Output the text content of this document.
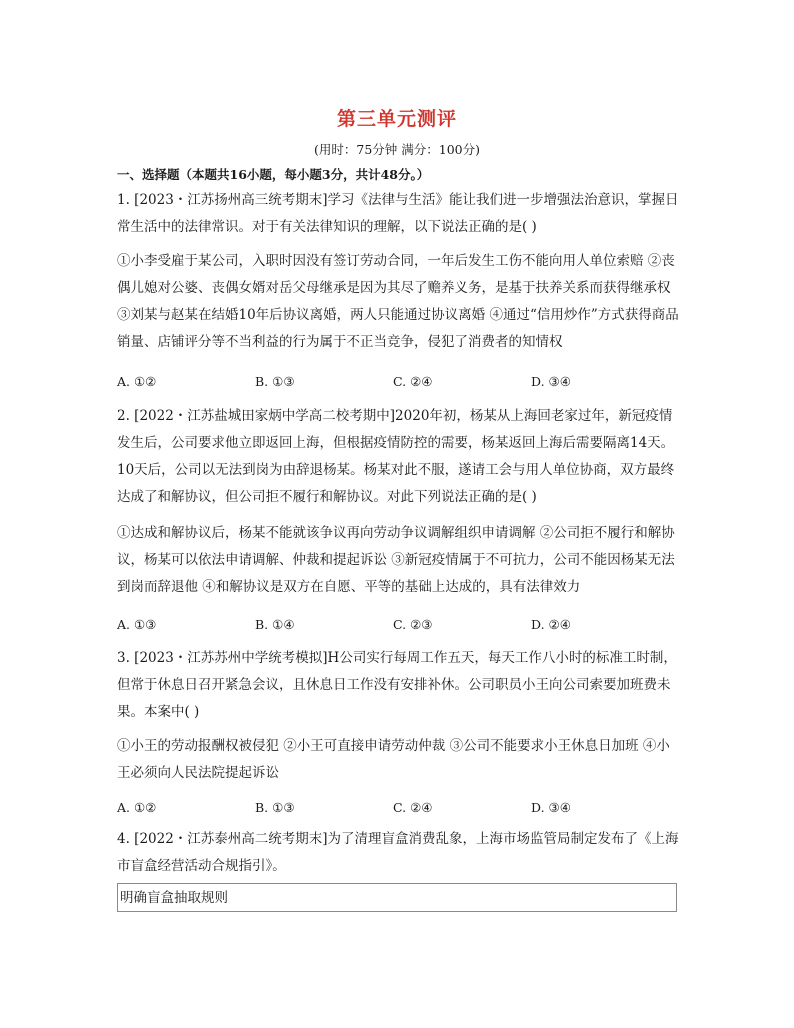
第三单元测评
(用时：75分钟 满分：100分)
一、选择题（本题共16小题，每小题3分，共计48分。）

1. [2023・江苏扬州高三统考期末]学习《法律与生活》能让我们进一步增强法治意识，掌握日常生活中的法律常识。对于有关法律知识的理解，以下说法正确的是( )

①小李受雇于某公司，入职时因没有签订劳动合同，一年后发生工伤不能向用人单位索赔 ②丧偶儿媳对公婆、丧偶女婿对岳父母继承是因为其尽了赡养义务，是基于扶养关系而获得继承权 ③刘某与赵某在结婚10年后协议离婚，两人只能通过协议离婚 ④通过“信用炒作”方式获得商品销量、店铺评分等不当利益的行为属于不正当竞争，侵犯了消费者的知情权

A. ①②	B. ①③	C. ②④	D. ③④

2. [2022・江苏盐城田家炳中学高二校考期中]2020年初，杨某从上海回老家过年，新冠疫情发生后，公司要求他立即返回上海，但根据疫情防控的需要，杨某返回上海后需要隔离14天。10天后，公司以无法到岗为由辞退杨某。杨某对此不服，遂请工会与用人单位协商，双方最终达成了和解协议，但公司拒不履行和解协议。对此下列说法正确的是( )

①达成和解协议后，杨某不能就该争议再向劳动争议调解组织申请调解 ②公司拒不履行和解协议，杨某可以依法申请调解、仲裁和提起诉讼 ③新冠疫情属于不可抗力，公司不能因杨某无法到岗而辞退他 ④和解协议是双方在自愿、平等的基础上达成的，具有法律效力

A. ①③	B. ①④	C. ②③	D. ②④

3. [2023・江苏苏州中学统考模拟]H公司实行每周工作五天，每天工作八小时的标准工时制，但常于休息日召开紧急会议，且休息日工作没有安排补休。公司职员小王向公司索要加班费未果。本案中( )

①小王的劳动报酬权被侵犯 ②小王可直接申请劳动仲裁 ③公司不能要求小王休息日加班 ④小王必须向人民法院提起诉讼

A. ①②	B. ①③	C. ②④	D. ③④

4. [2022・江苏泰州高二统考期末]为了清理盲盒消费乱象，上海市场监管局制定发布了《上海市盲盒经营活动合规指引》。

明确盲盒抽取规则
